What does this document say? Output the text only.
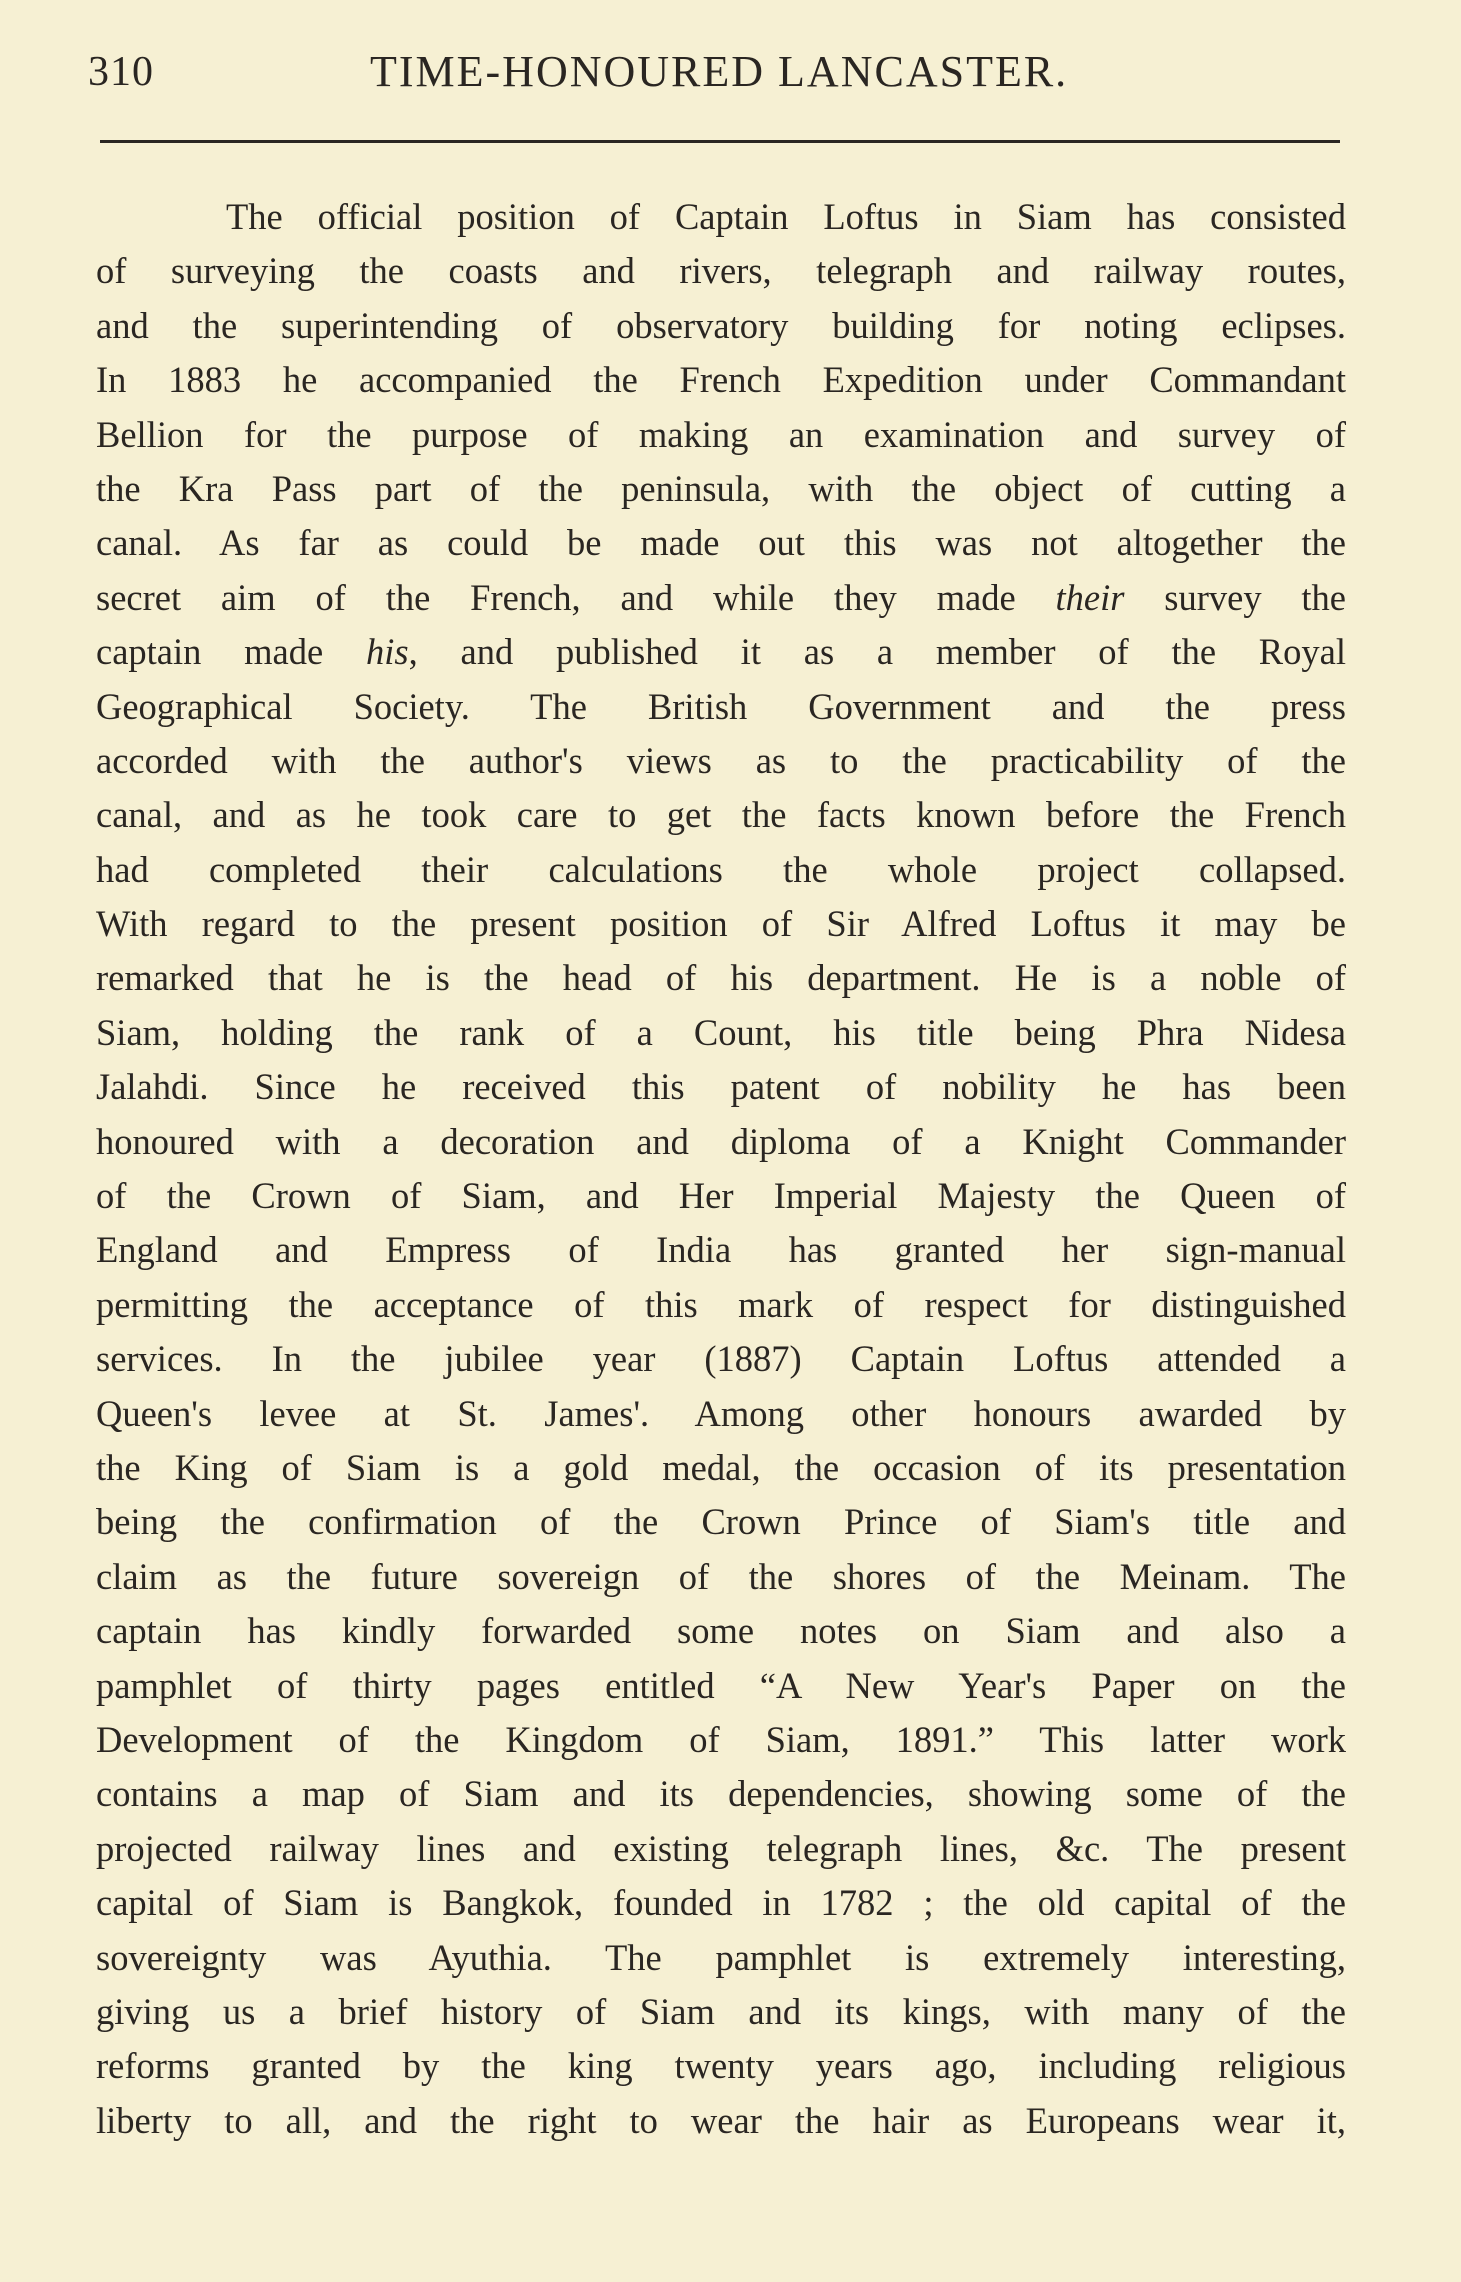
310	TIME-HONOURED LANCASTER.
The official position of Captain Loftus in Siam has consisted
of surveying the coasts and rivers, telegraph and railway routes,
and the superintending of observatory building for noting eclipses.
In 1883 he accompanied the French Expedition under Commandant
Bellion for the purpose of making an examination and survey of
the Kra Pass part of the peninsula, with the object of cutting a
canal. As far as could be made out this was not altogether the
secret aim of the French, and while they made their survey the
captain made his, and published it as a member of the Royal
Geographical Society. The British Government and the press
accorded with the author's views as to the practicability of the
canal, and as he took care to get the facts known before the French
had completed their calculations the whole project collapsed.
With regard to the present position of Sir Alfred Loftus it may be
remarked that he is the head of his department. He is a noble of
Siam, holding the rank of a Count, his title being Phra Nidesa
Jalahdi. Since he received this patent of nobility he has been
honoured with a decoration and diploma of a Knight Commander
of the Crown of Siam, and Her Imperial Majesty the Queen of
England and Empress of India has granted her sign-manual
permitting the acceptance of this mark of respect for distinguished
services. In the jubilee year (1887) Captain Loftus attended a
Queen's levee at St. James'. Among other honours awarded by
the King of Siam is a gold medal, the occasion of its presentation
being the confirmation of the Crown Prince of Siam's title and
claim as the future sovereign of the shores of the Meinam. The
captain has kindly forwarded some notes on Siam and also a
pamphlet of thirty pages entitled “A New Year's Paper on the
Development of the Kingdom of Siam, 1891.” This latter work
contains a map of Siam and its dependencies, showing some of the
projected railway lines and existing telegraph lines, &c. The present
capital of Siam is Bangkok, founded in 1782 ; the old capital of the
sovereignty was Ayuthia. The pamphlet is extremely interesting,
giving us a brief history of Siam and its kings, with many of the
reforms granted by the king twenty years ago, including religious
liberty to all, and the right to wear the hair as Europeans wear it,
